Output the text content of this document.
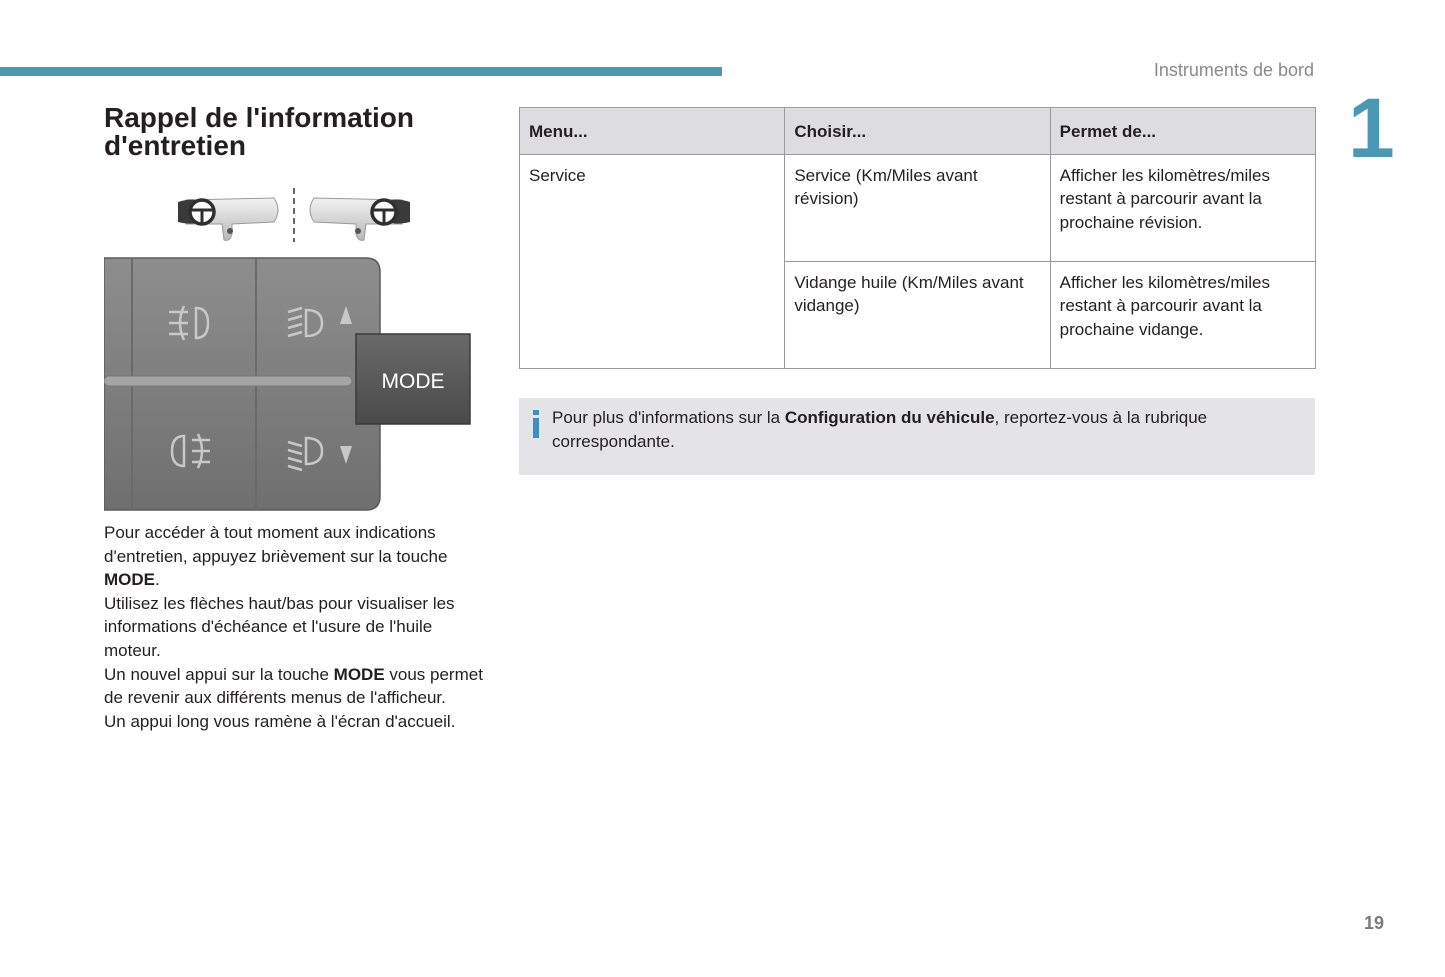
Instruments de bord
1
Rappel de l'information d'entretien
MODE

Pour accéder à tout moment aux indications d'entretien, appuyez brièvement sur la touche MODE.

Utilisez les flèches haut/bas pour visualiser les informations d'échéance et l'usure de l'huile moteur.

Un nouvel appui sur la touche MODE vous permet de revenir aux différents menus de l'afficheur.

Un appui long vous ramène à l'écran d'accueil.

Menu...	Choisir...	Permet de...
Service	Service (Km/Miles avant révision)	Afficher les kilomètres/miles restant à parcourir avant la prochaine révision.
	Vidange huile (Km/Miles avant vidange)	Afficher les kilomètres/miles restant à parcourir avant la prochaine vidange.
Pour plus d'informations sur la Configuration du véhicule, reportez-vous à la rubrique correspondante.
19
